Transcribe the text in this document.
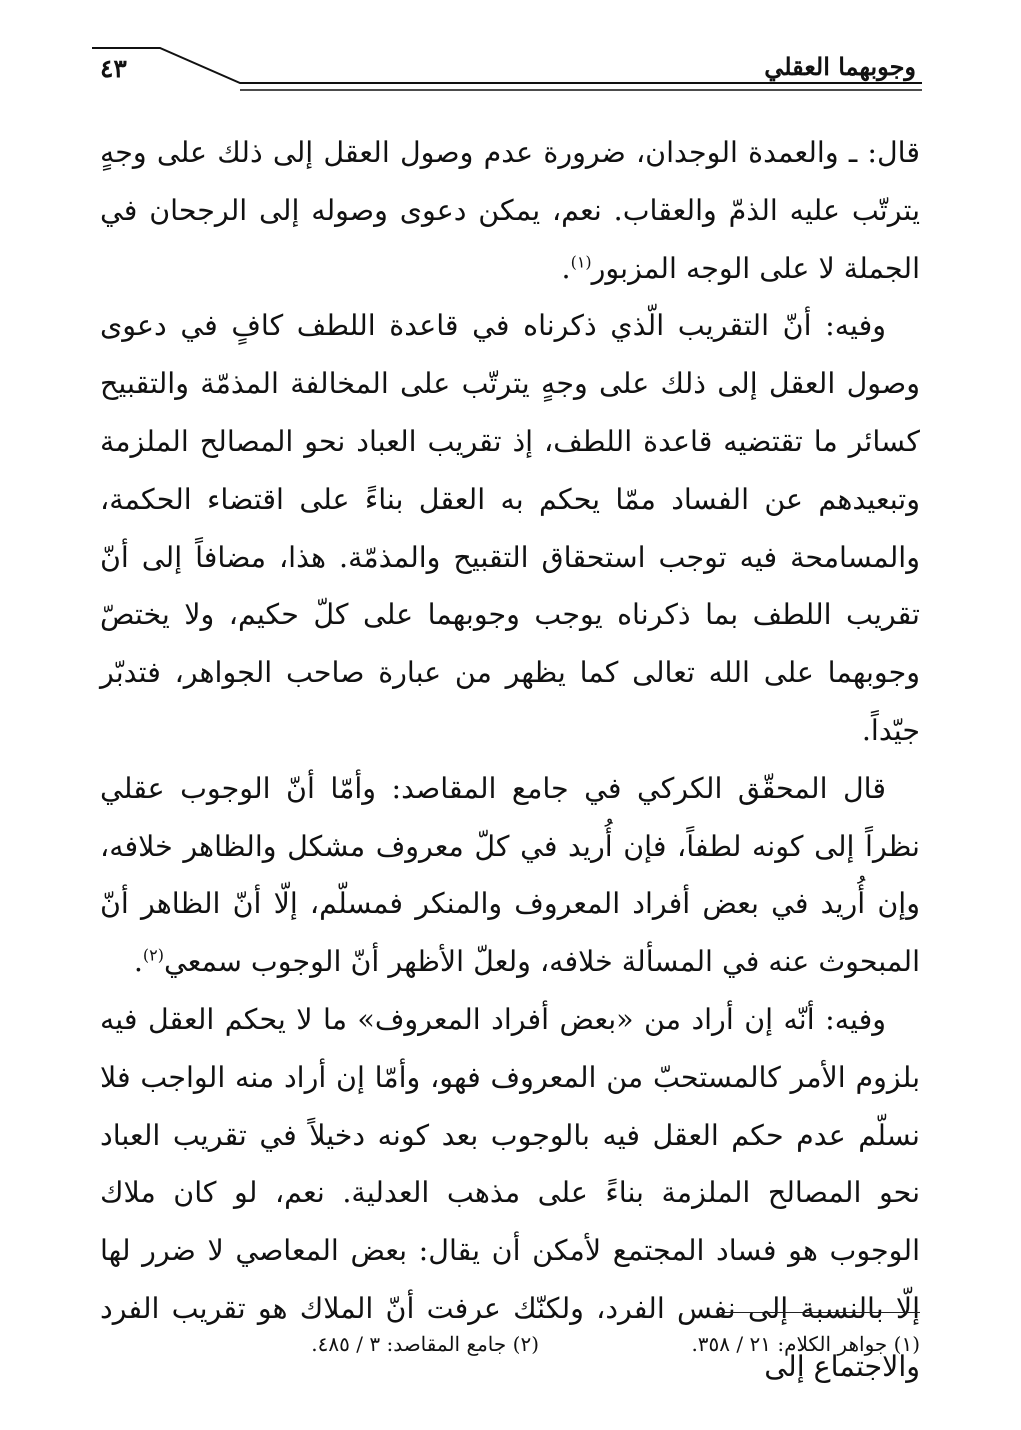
وجوبهما العقلي
٤٣

قال: ـ والعمدة الوجدان، ضرورة عدم وصول العقل إلى ذلك على وجهٍ يترتّب عليه الذمّ والعقاب. نعم، يمكن دعوى وصوله إلى الرجحان في الجملة لا على الوجه المزبور$^{(١)}$.

وفيه: أنّ التقريب الّذي ذكرناه في قاعدة اللطف كافٍ في دعوى وصول العقل إلى ذلك على وجهٍ يترتّب على المخالفة المذمّة والتقبيح كسائر ما تقتضيه قاعدة اللطف، إذ تقريب العباد نحو المصالح الملزمة وتبعيدهم عن الفساد ممّا يحكم به العقل بناءً على اقتضاء الحكمة، والمسامحة فيه توجب استحقاق التقبيح والمذمّة. هذا، مضافاً إلى أنّ تقريب اللطف بما ذكرناه يوجب وجوبهما على كلّ حكيم، ولا يختصّ وجوبهما على الله تعالى كما يظهر من عبارة صاحب الجواهر، فتدبّر جيّداً.

قال المحقّق الكركي في جامع المقاصد: وأمّا أنّ الوجوب عقلي نظراً إلى كونه لطفاً، فإن أُريد في كلّ معروف مشكل والظاهر خلافه، وإن أُريد في بعض أفراد المعروف والمنكر فمسلّم، إلّا أنّ الظاهر أنّ المبحوث عنه في المسألة خلافه، ولعلّ الأظهر أنّ الوجوب سمعي$^{(٢)}$.

وفيه: أنّه إن أراد من «بعض أفراد المعروف» ما لا يحكم العقل فيه بلزوم الأمر كالمستحبّ من المعروف فهو، وأمّا إن أراد منه الواجب فلا نسلّم عدم حكم العقل فيه بالوجوب بعد كونه دخيلاً في تقريب العباد نحو المصالح الملزمة بناءً على مذهب العدلية. نعم، لو كان ملاك الوجوب هو فساد المجتمع لأمكن أن يقال: بعض المعاصي لا ضرر لها إلّا بالنسبة إلى نفس الفرد، ولكنّك عرفت أنّ الملاك هو تقريب الفرد والاجتماع إلى

(١) جواهر الكلام: ٢١ / ٣٥٨.
(٢) جامع المقاصد: ٣ / ٤٨٥.
